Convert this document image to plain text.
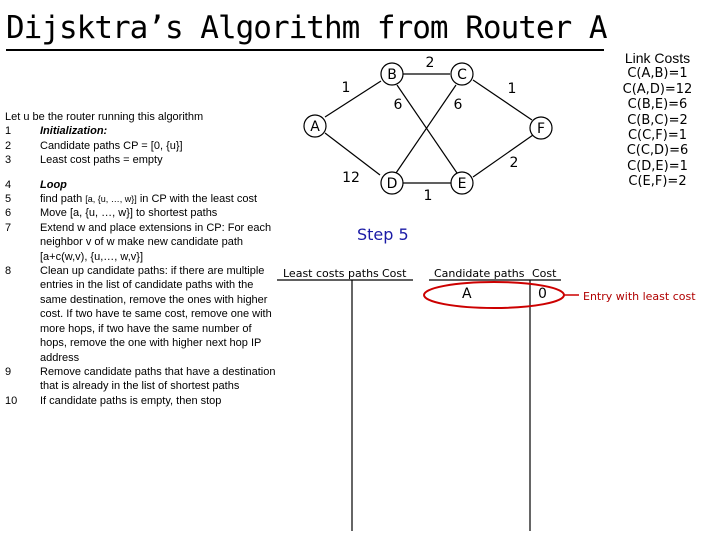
Dijsktra’s Algorithm from Router A
Link Costs
C(A,B)=1
C(A,D)=12
C(B,E)=6
C(B,C)=2
C(C,F)=1
C(C,D)=6
C(D,E)=1
C(E,F)=2
Let u be the router running this algorithm
1	Initialization:
2	Candidate paths CP = [0, {u}]
3	Least cost paths = empty
4	Loop
5	find path [a, {u, …, w}] in CP with the least cost
6	Move [a, {u, …, w}] to shortest paths
7	Extend w and place extensions in CP: For each neighbor v of w make new candidate path [a+c(w,v), {u,…, w,v}]
8	Clean up candidate paths: if there are multiple entries in the list of candidate paths with the same destination, remove the ones with higher cost. If two have te same cost, remove one with more hops, if two have the same number of hops, remove the one with higher next hop IP address
9	Remove candidate paths that have a destination that is already in the list of shortest paths
10	If candidate paths is empty, then stop
A
B	C
D	E
F
1
12
2
6	6
1
1
2
Step 5
Least costs paths Cost	Candidate paths Cost
A	0	Entry with least cost
